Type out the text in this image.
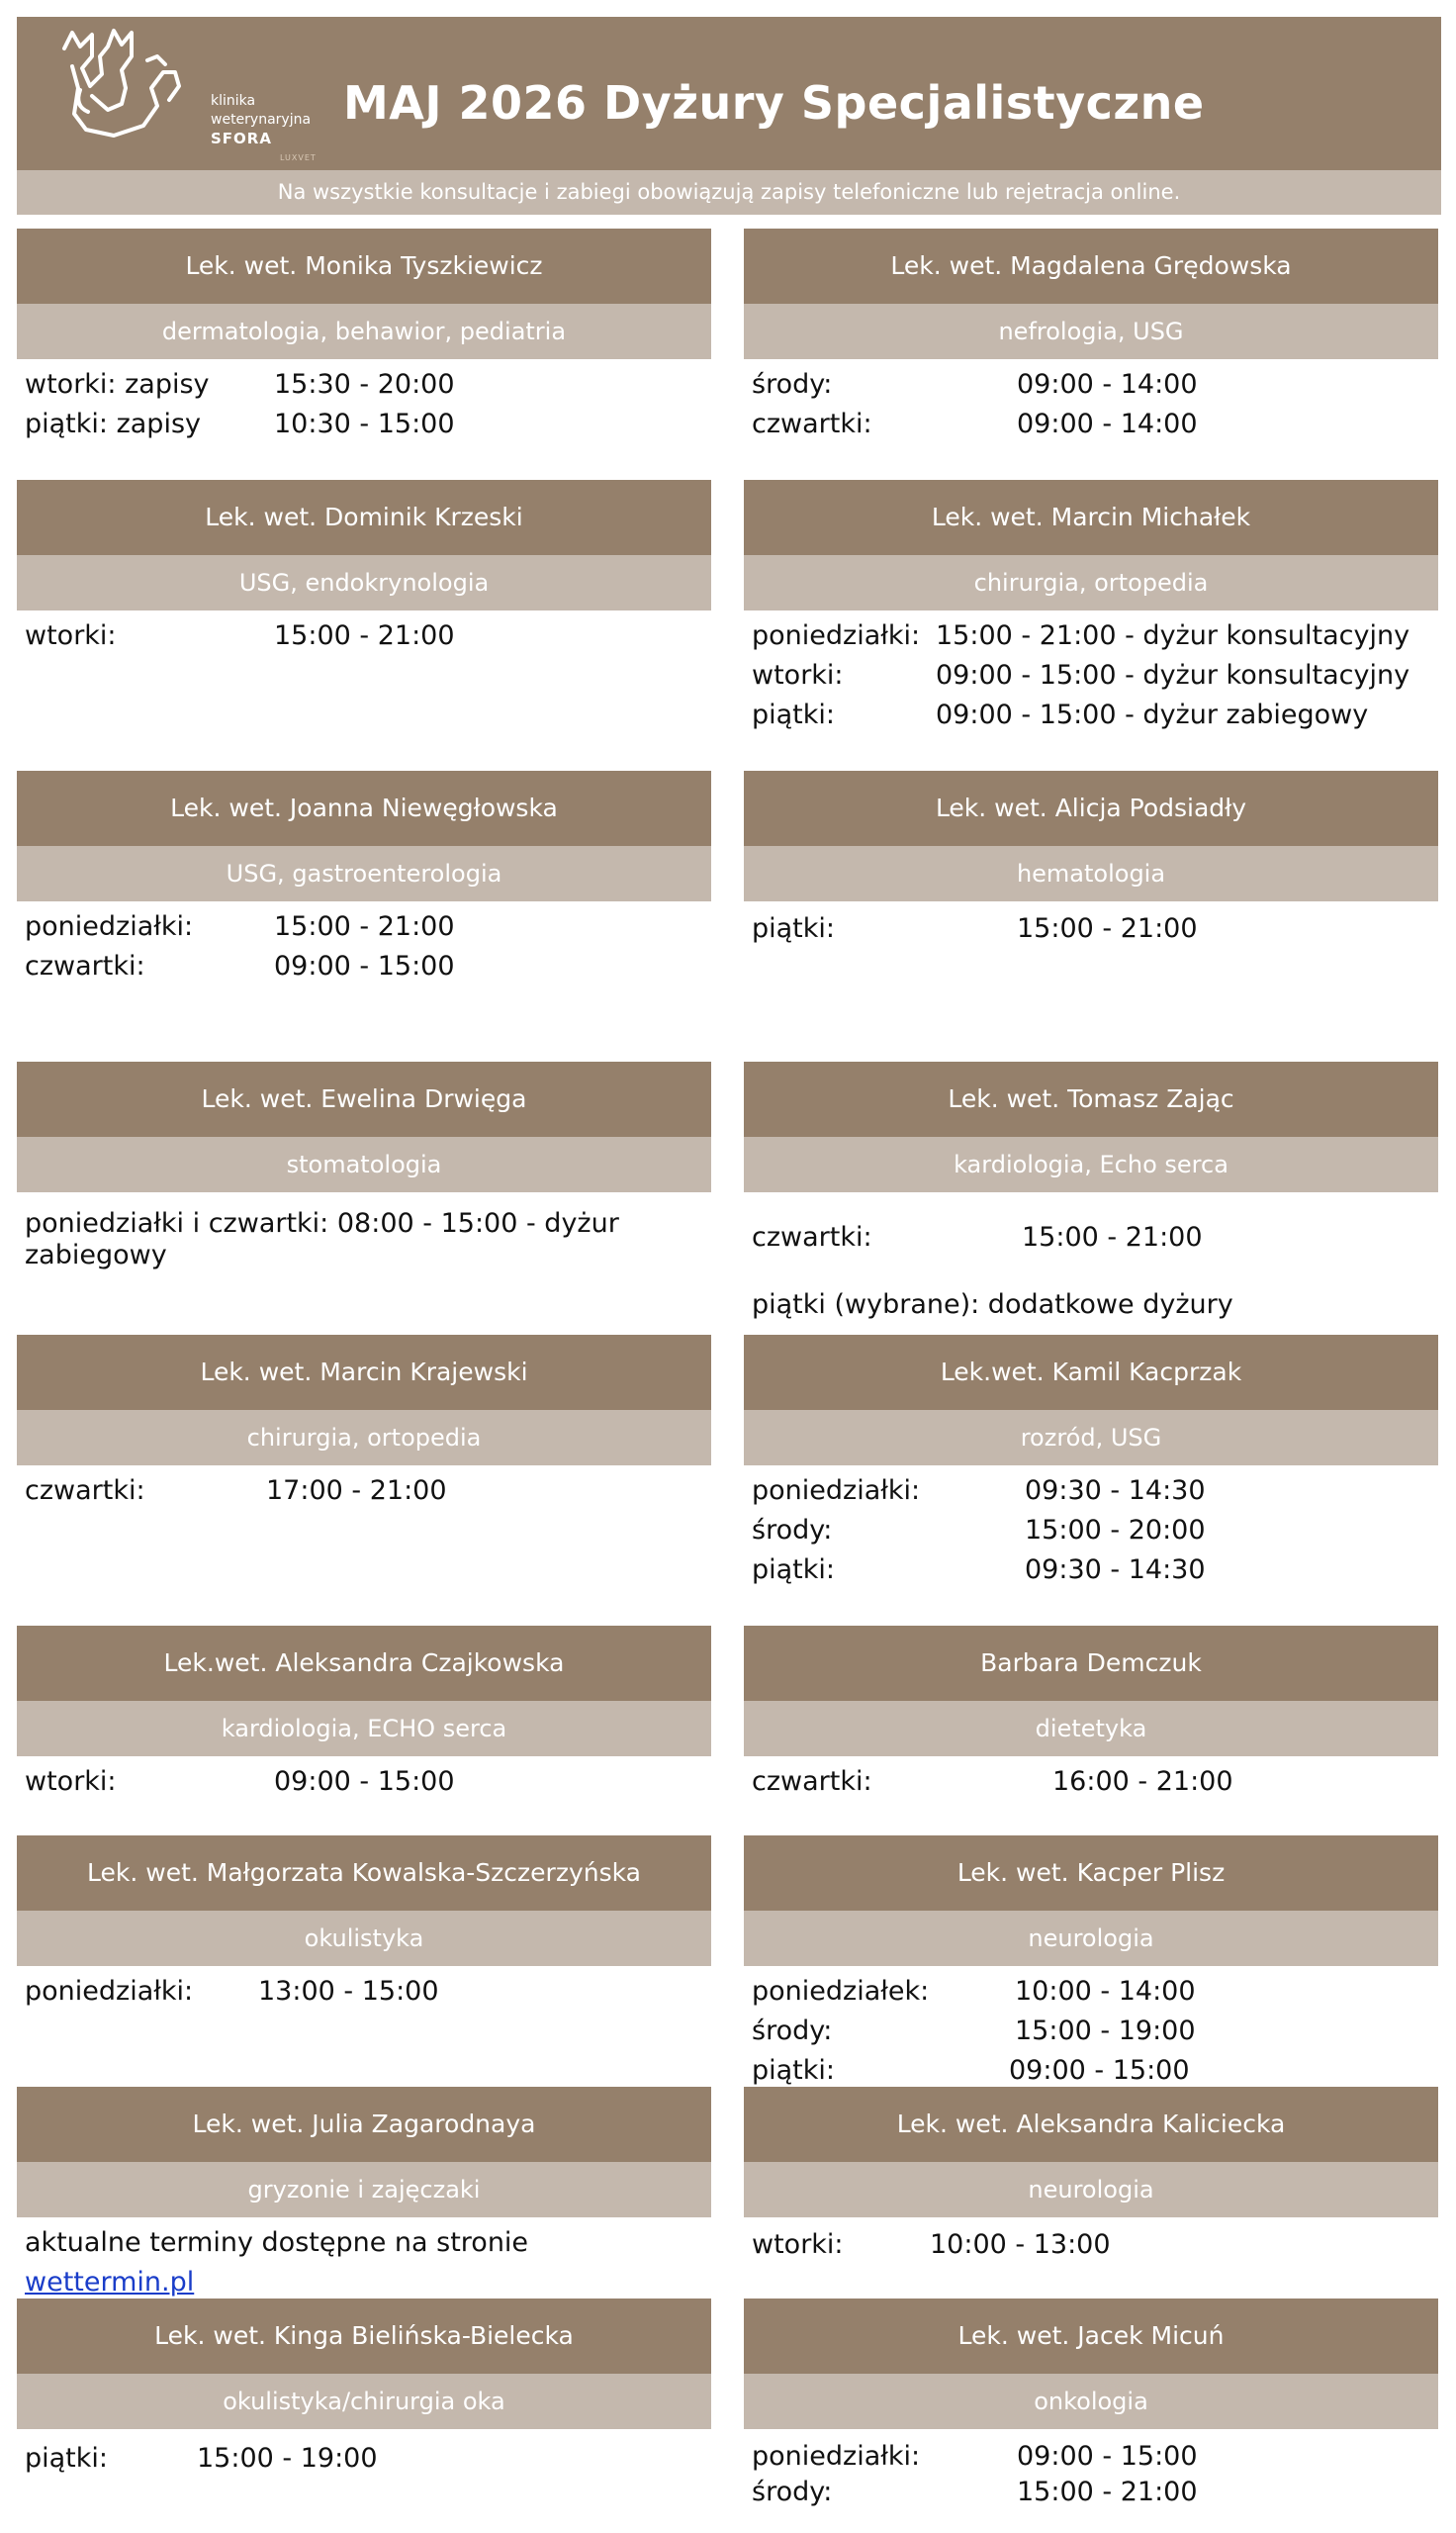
klinika
weterynaryjna
SFORA
LUXVET
MAJ 2026 Dyżury Specjalistyczne
Na wszystkie konsultacje i zabiegi obowiązują zapisy telefoniczne lub rejetracja online.
Lek. wet. Monika Tyszkiewicz
dermatologia, behawior, pediatria
wtorki: zapisy 15:30 - 20:00
piątki: zapisy	10:30 - 15:00
Lek. wet. Magdalena Grędowska
nefrologia, USG
środy:	09:00 - 14:00
czwartki:	09:00 - 14:00
Lek. wet. Dominik Krzeski
USG, endokrynologia
wtorki:	15:00 - 21:00
Lek. wet. Marcin Michałek
chirurgia, ortopedia
poniedziałki: 15:00 - 21:00 - dyżur konsultacyjny
wtorki:	09:00 - 15:00 - dyżur konsultacyjny
piątki:	09:00 - 15:00 - dyżur zabiegowy
Lek. wet. Joanna Niewęgłowska
USG, gastroenterologia
poniedziałki:	15:00 - 21:00
czwartki:	09:00 - 15:00
Lek. wet. Alicja Podsiadły
hematologia
piątki:	15:00 - 21:00
Lek. wet. Ewelina Drwięga
stomatologia
poniedziałki i czwartki: 08:00 - 15:00 - dyżur zabiegowy
Lek. wet. Tomasz Zając
kardiologia, Echo serca
czwartki:	15:00 - 21:00
piątki (wybrane): dodatkowe dyżury
Lek. wet. Marcin Krajewski
chirurgia, ortopedia
czwartki:	17:00 - 21:00
Lek.wet. Kamil Kacprzak
rozród, USG
poniedziałki:	09:30 - 14:30
środy:	15:00 - 20:00
piątki:	09:30 - 14:30
Lek.wet. Aleksandra Czajkowska
kardiologia, ECHO serca
wtorki:	09:00 - 15:00
Barbara Demczuk
dietetyka
czwartki:	16:00 - 21:00
Lek. wet. Małgorzata Kowalska-Szczerzyńska
okulistyka
poniedziałki: 13:00 - 15:00
Lek. wet. Kacper Plisz
neurologia
poniedziałek:	10:00 - 14:00
środy:	15:00 - 19:00
piątki:	09:00 - 15:00
Lek. wet. Julia Zagarodnaya
gryzonie i zajęczaki
aktualne terminy dostępne na stronie
wettermin.pl
Lek. wet. Aleksandra Kaliciecka
neurologia
wtorki:	10:00 - 13:00
Lek. wet. Kinga Bielińska-Bielecka
okulistyka/chirurgia oka
piątki:	15:00 - 19:00
Lek. wet. Jacek Micuń
onkologia
poniedziałki:	09:00 - 15:00
środy:	15:00 - 21:00
